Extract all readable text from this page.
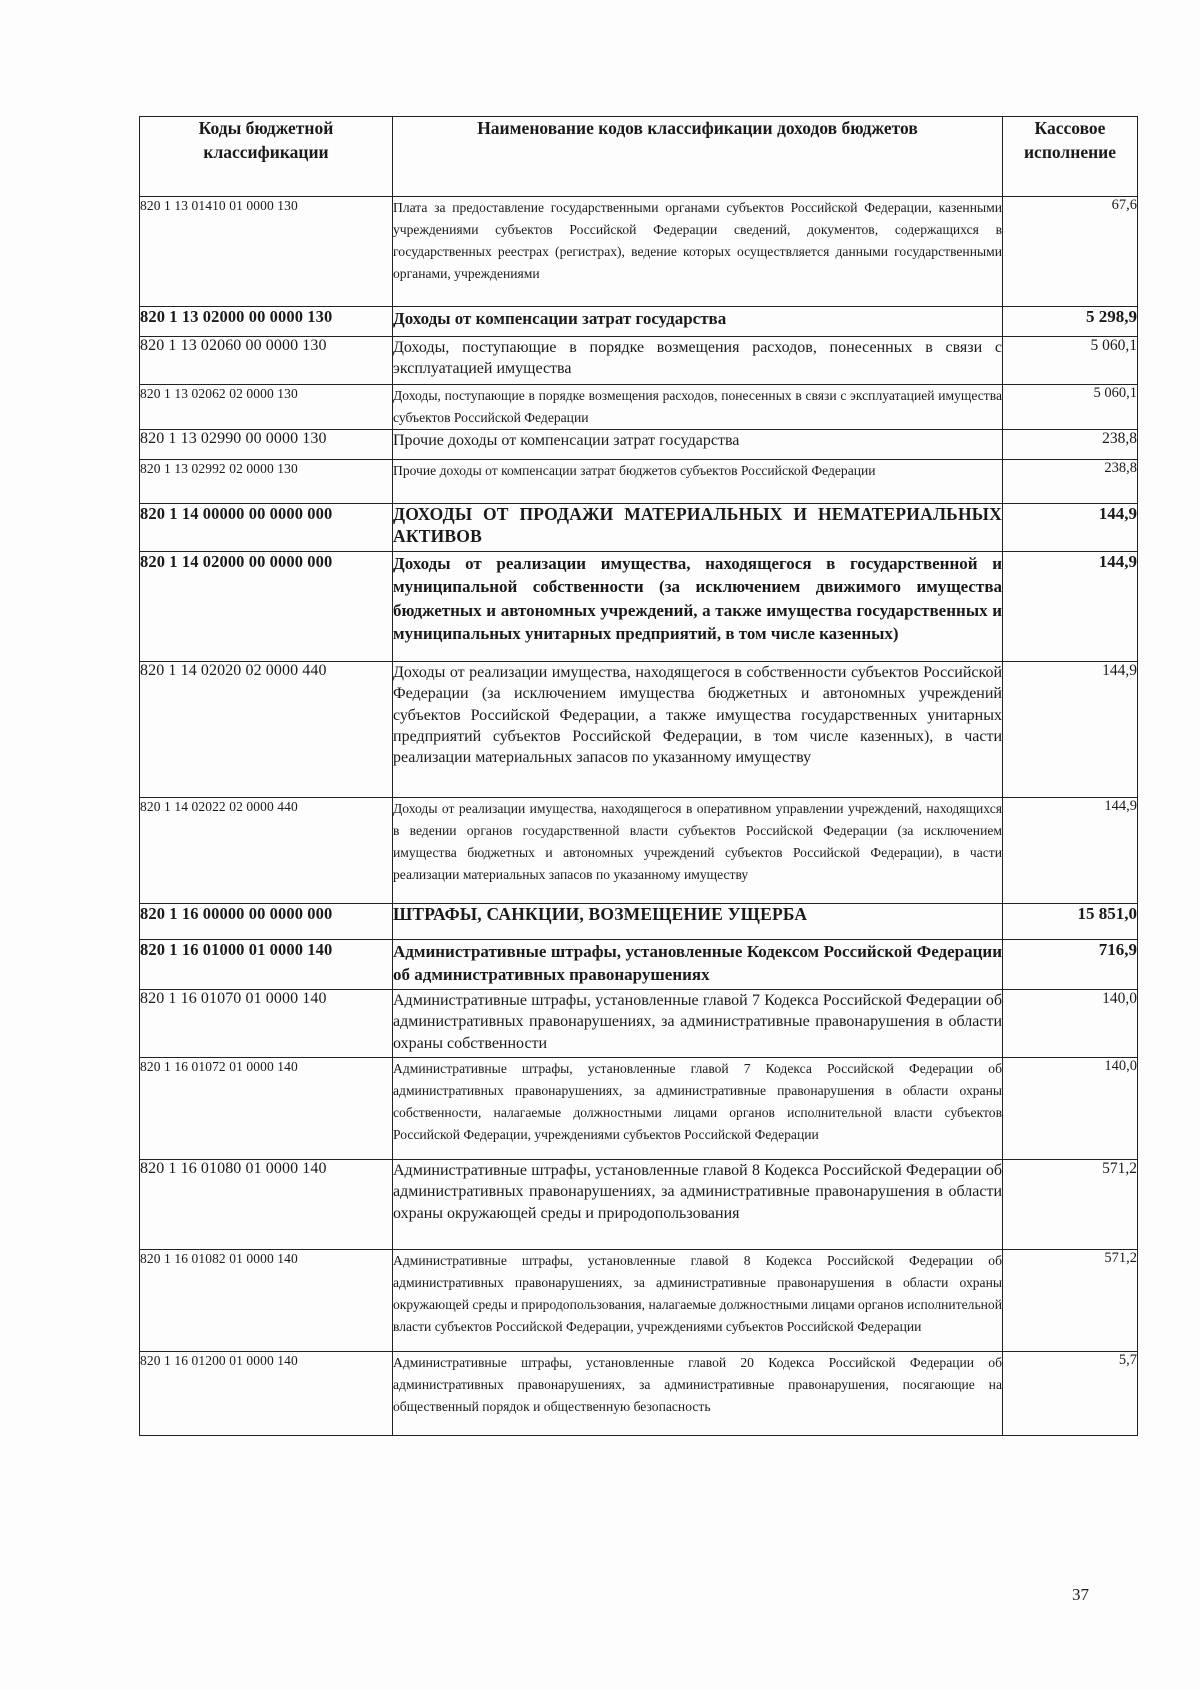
Коды бюджетной классификации	Наименование кодов классификации доходов бюджетов	Кассовое исполнение
820 1 13 01410 01 0000 130	Плата за предоставление государственными органами субъектов Российской Федерации, казенными учреждениями субъектов Российской Федерации сведений, документов, содержащихся в государственных реестрах (регистрах), ведение которых осуществляется данными государственными органами, учреждениями	67,6
820 1 13 02000 00 0000 130	Доходы от компенсации затрат государства	5 298,9
820 1 13 02060 00 0000 130	Доходы, поступающие в порядке возмещения расходов, понесенных в связи с эксплуатацией имущества	5 060,1
820 1 13 02062 02 0000 130	Доходы, поступающие в порядке возмещения расходов, понесенных в связи с эксплуатацией имущества субъектов Российской Федерации	5 060,1
820 1 13 02990 00 0000 130	Прочие доходы от компенсации затрат государства	238,8
820 1 13 02992 02 0000 130	Прочие доходы от компенсации затрат бюджетов субъектов Российской Федерации	238,8
820 1 14 00000 00 0000 000	ДОХОДЫ ОТ ПРОДАЖИ МАТЕРИАЛЬНЫХ И НЕМАТЕРИАЛЬНЫХ АКТИВОВ	144,9
820 1 14 02000 00 0000 000	Доходы от реализации имущества, находящегося в государственной и муниципальной собственности (за исключением движимого имущества бюджетных и автономных учреждений, а также имущества государственных и муниципальных унитарных предприятий, в том числе казенных)	144,9
820 1 14 02020 02 0000 440	Доходы от реализации имущества, находящегося в собственности субъектов Российской Федерации (за исключением имущества бюджетных и автономных учреждений субъектов Российской Федерации, а также имущества государственных унитарных предприятий субъектов Российской Федерации, в том числе казенных), в части реализации материальных запасов по указанному имуществу	144,9
820 1 14 02022 02 0000 440	Доходы от реализации имущества, находящегося в оперативном управлении учреждений, находящихся в ведении органов государственной власти субъектов Российской Федерации (за исключением имущества бюджетных и автономных учреждений субъектов Российской Федерации), в части реализации материальных запасов по указанному имуществу	144,9
820 1 16 00000 00 0000 000	ШТРАФЫ, САНКЦИИ, ВОЗМЕЩЕНИЕ УЩЕРБА	15 851,0
820 1 16 01000 01 0000 140	Административные штрафы, установленные Кодексом Российской Федерации об административных правонарушениях	716,9
820 1 16 01070 01 0000 140	Административные штрафы, установленные главой 7 Кодекса Российской Федерации об административных правонарушениях, за административные правонарушения в области охраны собственности	140,0
820 1 16 01072 01 0000 140	Административные штрафы, установленные главой 7 Кодекса Российской Федерации об административных правонарушениях, за административные правонарушения в области охраны собственности, налагаемые должностными лицами органов исполнительной власти субъектов Российской Федерации, учреждениями субъектов Российской Федерации	140,0
820 1 16 01080 01 0000 140	Административные штрафы, установленные главой 8 Кодекса Российской Федерации об административных правонарушениях, за административные правонарушения в области охраны окружающей среды и природопользования	571,2
820 1 16 01082 01 0000 140	Административные штрафы, установленные главой 8 Кодекса Российской Федерации об административных правонарушениях, за административные правонарушения в области охраны окружающей среды и природопользования, налагаемые должностными лицами органов исполнительной власти субъектов Российской Федерации, учреждениями субъектов Российской Федерации	571,2
820 1 16 01200 01 0000 140	Административные штрафы, установленные главой 20 Кодекса Российской Федерации об административных правонарушениях, за административные правонарушения, посягающие на общественный порядок и общественную безопасность	5,7
37
